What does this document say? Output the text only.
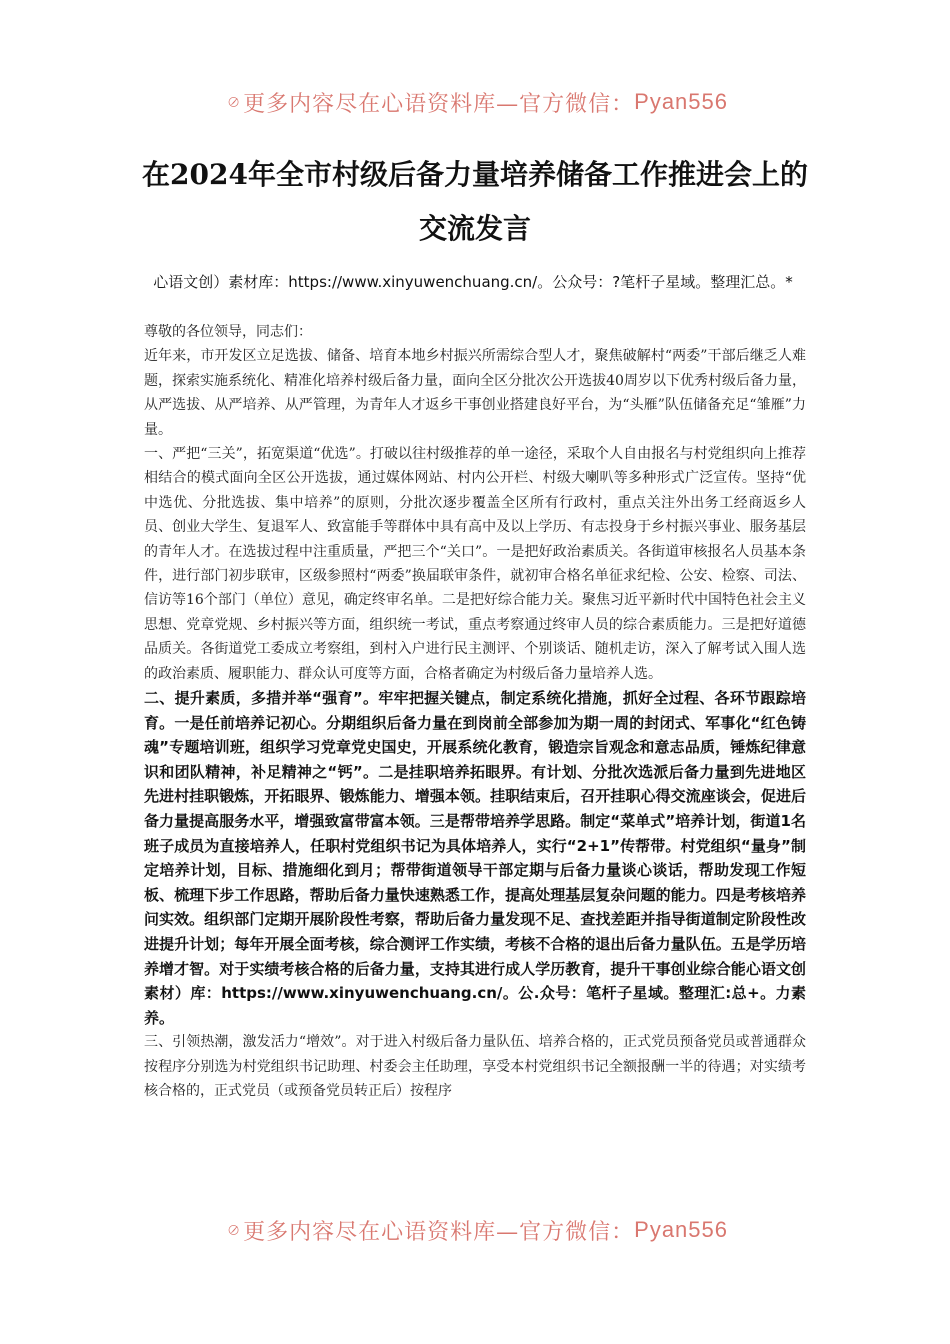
更多内容尽在心语资料库—官方微信： Pyan556
在2024年全市村级后备力量培养储备工作推进会上的交流发言
心语文创）素材库：https://www.xinyuwenchuang.cn/。公众号：?笔杆子星域。整理汇总。*

尊敬的各位领导，同志们：

近年来，市开发区立足选拔、储备、培育本地乡村振兴所需综合型人才，聚焦破解村“两委”干部后继乏人难题，探索实施系统化、精准化培养村级后备力量，面向全区分批次公开选拔40周岁以下优秀村级后备力量，从严选拔、从严培养、从严管理，为青年人才返乡干事创业搭建良好平台，为“头雁”队伍储备充足“雏雁”力量。

一、严把“三关”，拓宽渠道“优选”。打破以往村级推荐的单一途径，采取个人自由报名与村党组织向上推荐相结合的模式面向全区公开选拔，通过媒体网站、村内公开栏、村级大喇叭等多种形式广泛宣传。坚持“优中选优、分批选拔、集中培养”的原则，分批次逐步覆盖全区所有行政村，重点关注外出务工经商返乡人员、创业大学生、复退军人、致富能手等群体中具有高中及以上学历、有志投身于乡村振兴事业、服务基层的青年人才。在选拔过程中注重质量，严把三个“关口”。一是把好政治素质关。各街道审核报名人员基本条件，进行部门初步联审，区级参照村“两委”换届联审条件，就初审合格名单征求纪检、公安、检察、司法、信访等16个部门（单位）意见，确定终审名单。二是把好综合能力关。聚焦习近平新时代中国特色社会主义思想、党章党规、乡村振兴等方面，组织统一考试，重点考察通过终审人员的综合素质能力。三是把好道德品质关。各街道党工委成立考察组，到村入户进行民主测评、个别谈话、随机走访，深入了解考试入围人选的政治素质、履职能力、群众认可度等方面，合格者确定为村级后备力量培养人选。

二、提升素质，多措并举“强育”。牢牢把握关键点，制定系统化措施，抓好全过程、各环节跟踪培育。一是任前培养记初心。分期组织后备力量在到岗前全部参加为期一周的封闭式、军事化“红色铸魂”专题培训班，组织学习党章党史国史，开展系统化教育，锻造宗旨观念和意志品质，锤炼纪律意识和团队精神，补足精神之“钙”。二是挂职培养拓眼界。有计划、分批次选派后备力量到先进地区先进村挂职锻炼，开拓眼界、锻炼能力、增强本领。挂职结束后，召开挂职心得交流座谈会，促进后备力量提高服务水平，增强致富带富本领。三是帮带培养学思路。制定“菜单式”培养计划，街道1名班子成员为直接培养人，任职村党组织书记为具体培养人，实行“2+1”传帮带。村党组织“量身”制定培养计划，目标、措施细化到月；帮带街道领导干部定期与后备力量谈心谈话，帮助发现工作短板、梳理下步工作思路，帮助后备力量快速熟悉工作，提高处理基层复杂问题的能力。四是考核培养问实效。组织部门定期开展阶段性考察，帮助后备力量发现不足、查找差距并指导街道制定阶段性改进提升计划；每年开展全面考核，综合测评工作实绩，考核不合格的退出后备力量队伍。五是学历培养增才智。对于实绩考核合格的后备力量，支持其进行成人学历教育，提升干事创业综合能心语文创素材）库：https://www.xinyuwenchuang.cn/。公.众号：笔杆子星域。整理汇:总+。力素养。

三、引领热潮，激发活力“增效”。对于进入村级后备力量队伍、培养合格的，正式党员预备党员或普通群众按程序分别选为村党组织书记助理、村委会主任助理，享受本村党组织书记全额报酬一半的待遇；对实绩考核合格的，正式党员（或预备党员转正后）按程序

更多内容尽在心语资料库—官方微信： Pyan556
